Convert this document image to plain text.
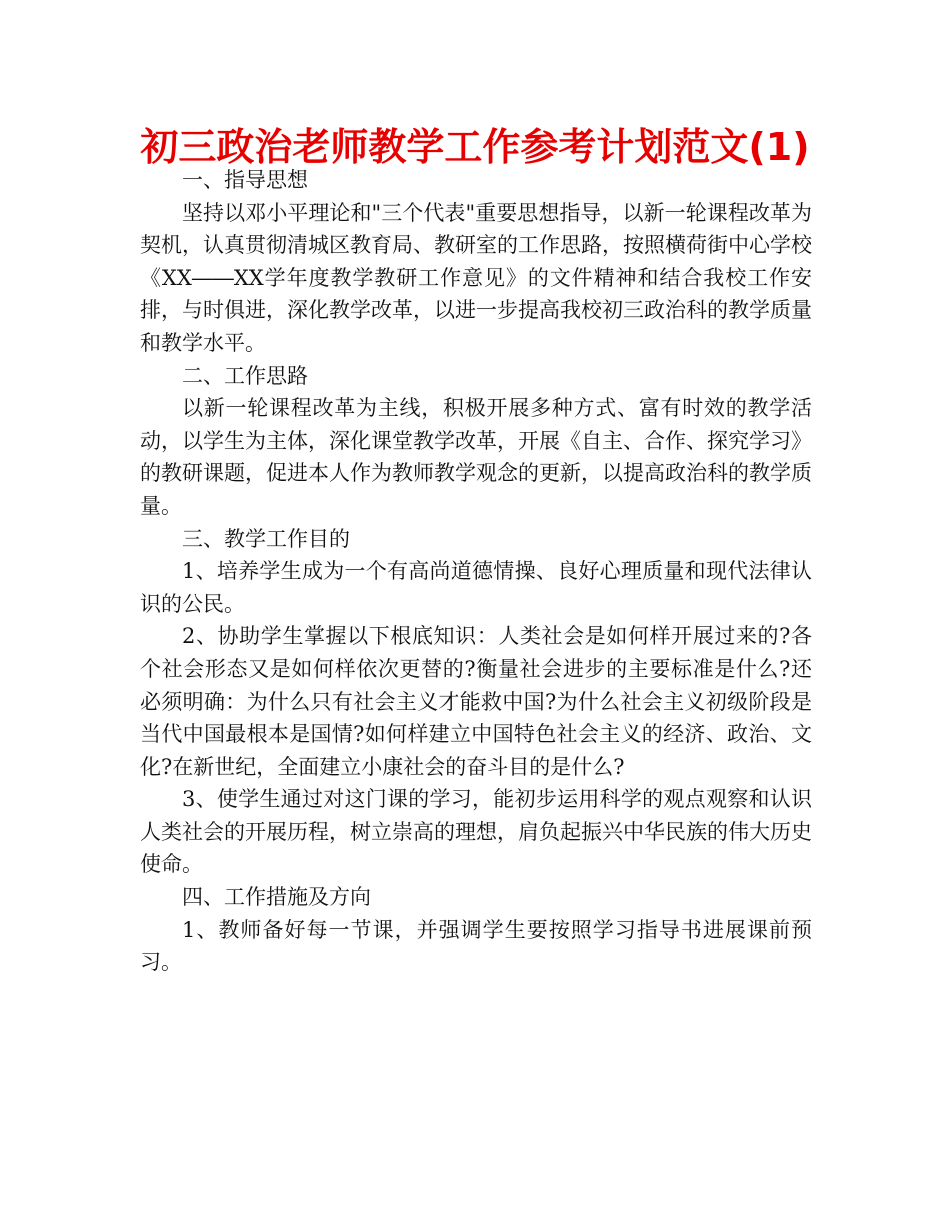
初三政治老师教学工作参考计划范文(1)

一、指导思想

坚持以邓小平理论和"三个代表"重要思想指导，以新一轮课程改革为契机，认真贯彻清城区教育局、教研室的工作思路，按照横荷街中心学校《XX――XX学年度教学教研工作意见》的文件精神和结合我校工作安排，与时俱进，深化教学改革，以进一步提高我校初三政治科的教学质量和教学水平。

二、工作思路

以新一轮课程改革为主线，积极开展多种方式、富有时效的教学活动，以学生为主体，深化课堂教学改革，开展《自主、合作、探究学习》的教研课题，促进本人作为教师教学观念的更新，以提高政治科的教学质量。

三、教学工作目的

1、培养学生成为一个有高尚道德情操、良好心理质量和现代法律认识的公民。

2、协助学生掌握以下根底知识：人类社会是如何样开展过来的?各个社会形态又是如何样依次更替的?衡量社会进步的主要标准是什么?还必须明确：为什么只有社会主义才能救中国?为什么社会主义初级阶段是当代中国最根本是国情?如何样建立中国特色社会主义的经济、政治、文化?在新世纪，全面建立小康社会的奋斗目的是什么?

3、使学生通过对这门课的学习，能初步运用科学的观点观察和认识人类社会的开展历程，树立崇高的理想，肩负起振兴中华民族的伟大历史使命。

四、工作措施及方向

1、教师备好每一节课，并强调学生要按照学习指导书进展课前预习。
